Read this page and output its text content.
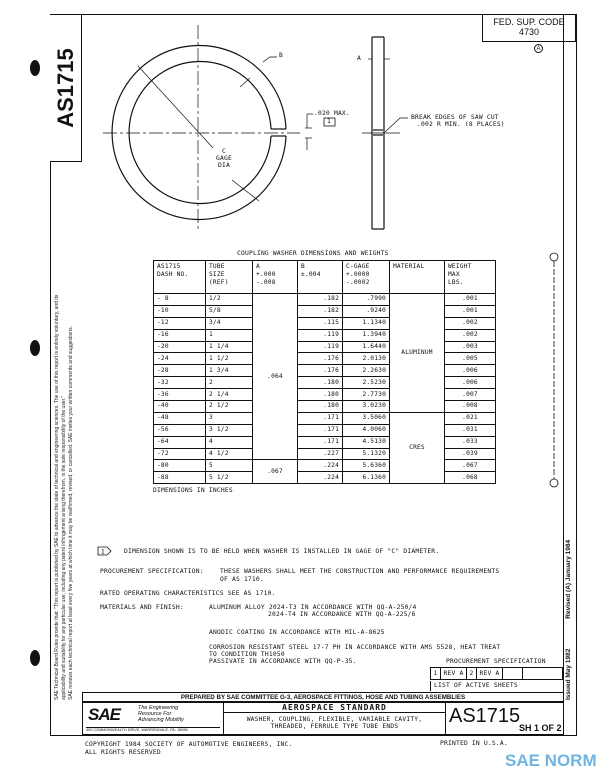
AS1715
SAE Technical Board Rules provide that: "This report is published by SAE to advance the state of technical and engineering sciences. The use of this report is entirely voluntary, and its applicability and suitability for any particular use, including any patent infringement arising therefrom, is the sole responsibility of the user." SAE reviews each technical report at least every five years at which time it may be reaffirmed, revised, or cancelled. SAE invites your written comments and suggestions.
FED. SUP. CODE
4730
A
B	A
.020 MAX.
1
C
GAGE
DIA
BREAK EDGES OF SAW CUT
.002 R MIN. (8 PLACES)
COUPLING WASHER DIMENSIONS AND WEIGHTS
AS1715
DASH NO.	TUBE
SIZE
(REF)	A
+.000
-.008	B
±.004	C-GAGE
+.0000
-.0002	MATERIAL	WEIGHT
MAX
LBS.
- 8	1/2	.064	.182	.7990	ALUMINUM	.001
-10	5/8		.182	.9240		.001
-12	3/4		.115	1.1340		.002
-16	1		.119	1.3940		.002
-20	1 1/4		.119	1.6440		.003
-24	1 1/2		.176	2.0130		.005
-28	1 3/4		.176	2.2630		.006
-32	2		.180	2.5230		.006
-36	2 1/4		.180	2.7730		.007
-40	2 1/2		.180	3.0230		.008
-48	3		.171	3.5060	CRES	.021
-56	3 1/2		.171	4.0060		.031
-64	4		.171	4.5130		.033
-72	4 1/2		.227	5.1320		.039
-80	5	.067	.224	5.6360		.067
-88	5 1/2		.224	6.1360		.068
DIMENSIONS IN INCHES
1	DIMENSION SHOWN IS TO BE HELD WHEN WASHER IS INSTALLED IN GAGE OF "C" DIAMETER.
PROCUREMENT SPECIFICATION:	THESE WASHERS SHALL MEET THE CONSTRUCTION AND PERFORMANCE REQUIREMENTS
OF AS 1710.
RATED OPERATING CHARACTERISTICS SEE AS 1710.
MATERIALS AND FINISH:	ALUMINUM ALLOY 2024-T3 IN ACCORDANCE WITH QQ-A-250/4
2024-T4 IN ACCORDANCE WITH QQ-A-225/6
ANODIC COATING IN ACCORDANCE WITH MIL-A-8625
CORROSION RESISTANT STEEL 17-7 PH IN ACCORDANCE WITH AMS 5528, HEAT TREAT
TO CONDITION TH1050
PASSIVATE IN ACCORDANCE WITH QQ-P-35.	PROCUREMENT SPECIFICATION
1 REV A 2 REV A
LIST OF ACTIVE SHEETS	Issued May 1982Revised (A) January 1984
PREPARED BY SAE COMMITTEE G-3, AEROSPACE FITTINGS, HOSE AND TUBING ASSEMBLIES
SAE	The Engineering
Resource For
Advancing Mobility
400 COMMONWEALTH DRIVE, WARRENDALE, PA. 15096
AEROSPACE STANDARD
WASHER, COUPLING, FLEXIBLE, VARIABLE CAVITY,
THREADED, FERRULE TYPE TUBE ENDS	AS1715
SH 1 OF 2
COPYRIGHT 1984 SOCIETY OF AUTOMOTIVE ENGINEERS, INC.
ALL RIGHTS RESERVED
PRINTED IN U.S.A.
SAE NORM
